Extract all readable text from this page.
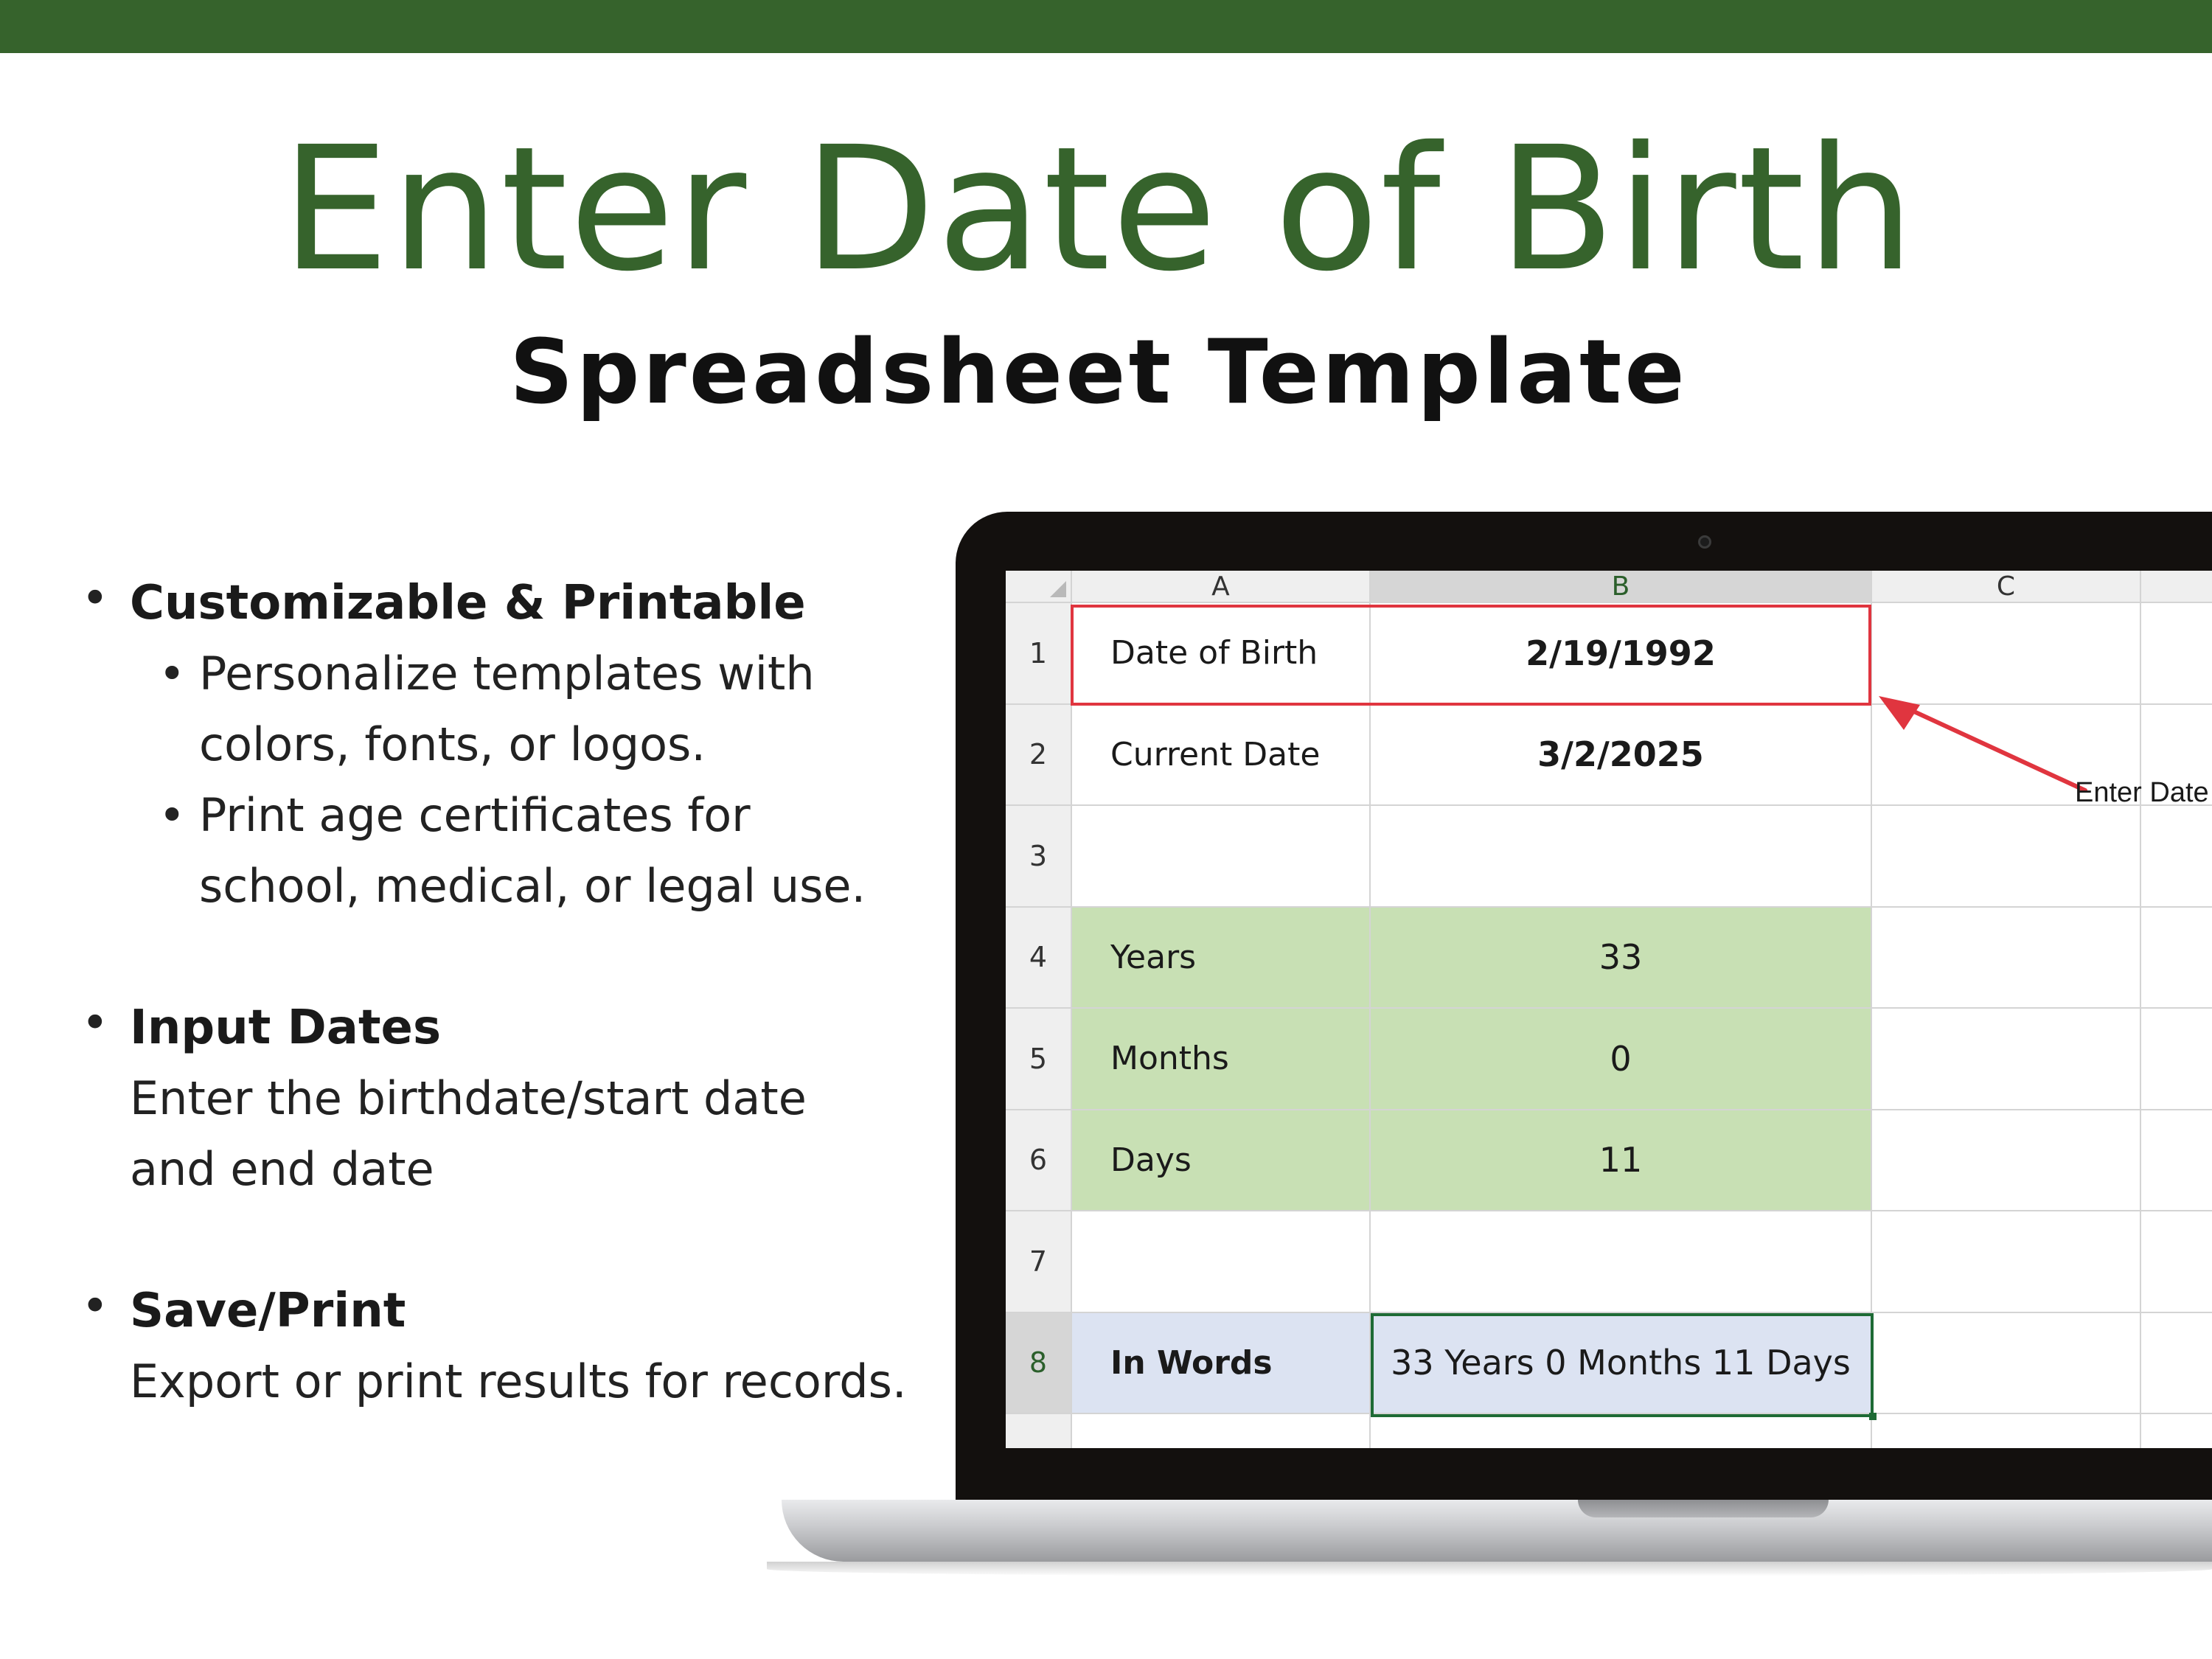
Enter Date of Birth
Spreadsheet Template
• Customizable & Printable
• Personalize templates with
colors, fonts, or logos.
• Print age certificates for
school, medical, or legal use.
• Input Dates
Enter the birthdate/start date
and end date
• Save/Print
Export or print results for records.
A	B	C
1	Date of Birth	2/19/1992
2	Current Date	3/2/2025
3
4	Years	33
5	Months	0
6	Days	11
7
8	In Words	33 Years 0 Months 11 Days
Enter Date
